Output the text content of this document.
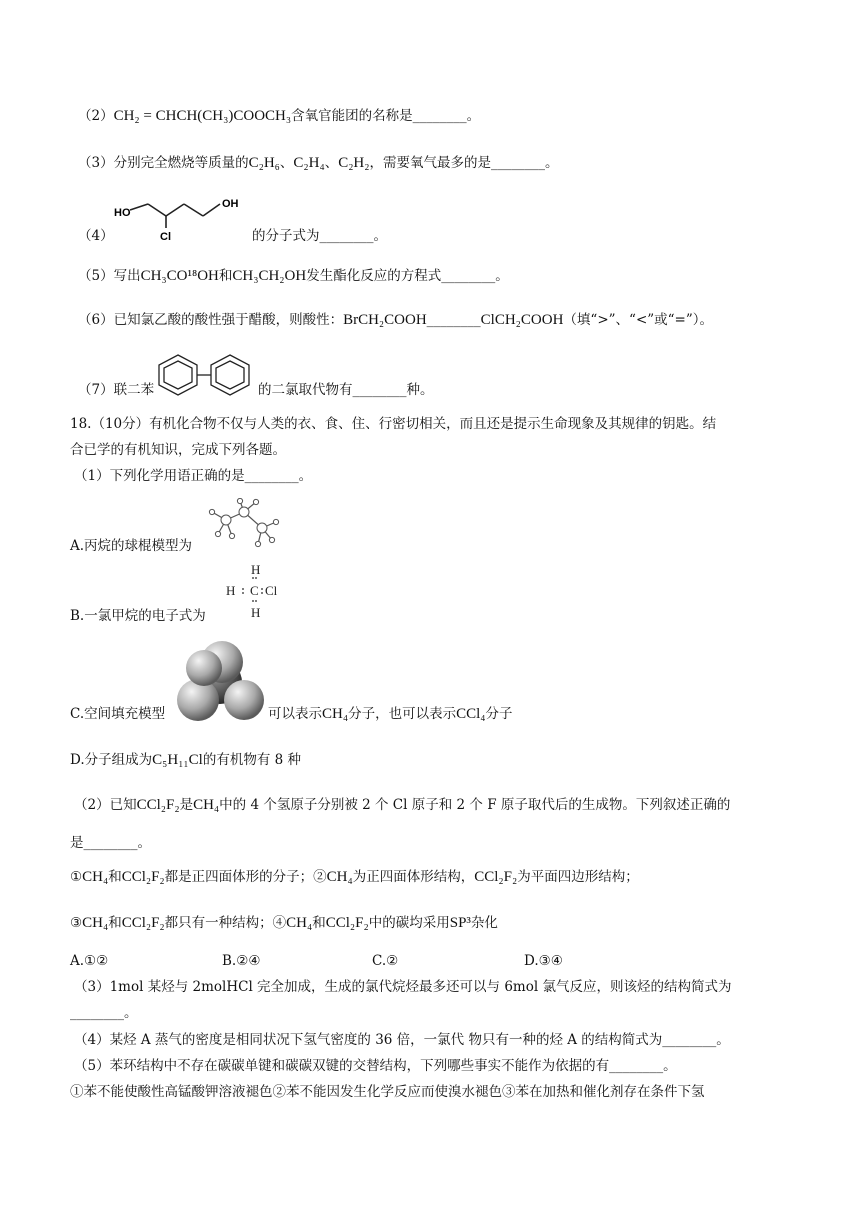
（2）CH₂ = CHCH(CH₃)COOCH₃含氧官能团的名称是________。
（3）分别完全燃烧等质量的C₂H₆、C₂H₄、C₂H₂，需要氧气最多的是________。
HO
OH
Cl
（4）	的分子式为________。
（5）写出CH₃CO¹⁸OH和CH₃CH₂OH发生酯化反应的方程式________。
（6）已知氯乙酸的酸性强于醋酸，则酸性：BrCH₂COOH________ClCH₂COOH（填“>”、“<”或“=”）。
（7）联二苯	的二氯取代物有________种。
18.（10分）有机化合物不仅与人类的衣、食、住、行密切相关，而且还是提示生命现象及其规律的钥匙。结
合已学的有机知识，完成下列各题。
（1）下列化学用语正确的是________。
A.丙烷的球棍模型为
H
H C Cl
H
B.一氯甲烷的电子式为
C.空间填充模型	可以表示CH₄分子，也可以表示CCl₄分子
D.分子组成为C₅H₁₁Cl的有机物有 8 种
（2）已知CCl₂F₂是CH₄中的 4 个氢原子分别被 2 个 Cl 原子和 2 个 F 原子取代后的生成物。下列叙述正确的
是________。
①CH₄和CCl₂F₂都是正四面体形的分子；②CH₄为正四面体形结构，CCl₂F₂为平面四边形结构；
③CH₄和CCl₂F₂都只有一种结构；④CH₄和CCl₂F₂中的碳均采用SP³杂化
A.①②	B.②④	C.②	D.③④
（3）1mol 某烃与 2molHCl 完全加成，生成的氯代烷烃最多还可以与 6mol 氯气反应，则该烃的结构简式为
________。
（4）某烃 A 蒸气的密度是相同状况下氢气密度的 36 倍，一氯代 物只有一种的烃 A 的结构简式为________。
（5）苯环结构中不存在碳碳单键和碳碳双键的交替结构，下列哪些事实不能作为依据的有________。
①苯不能使酸性高锰酸钾溶液褪色②苯不能因发生化学反应而使溴水褪色③苯在加热和催化剂存在条件下氢
